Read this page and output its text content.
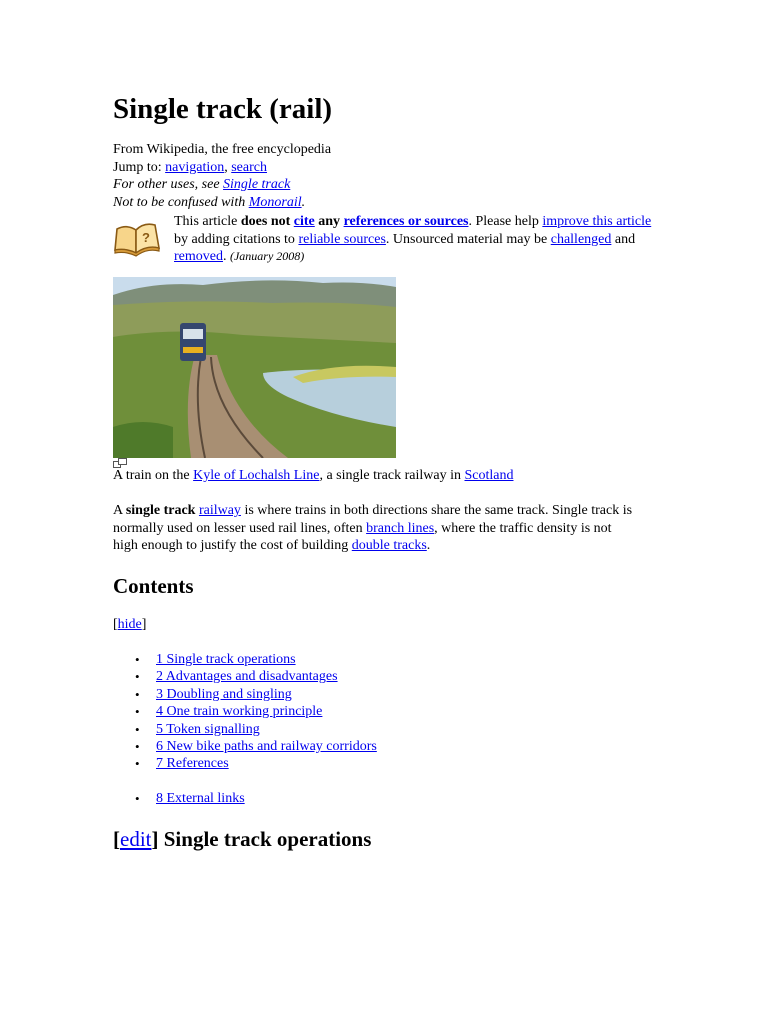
Single track (rail)
From Wikipedia, the free encyclopedia
Jump to: navigation, search
For other uses, see Single track
Not to be confused with Monorail.
?
This article does not cite any references or sources. Please help improve this article by adding citations to reliable sources. Unsourced material may be challenged and removed. (January 2008)
A train on the Kyle of Lochalsh Line, a single track railway in Scotland
A single track railway is where trains in both directions share the same track. Single track is normally used on lesser used rail lines, often branch lines, where the traffic density is not high enough to justify the cost of building double tracks.
Contents
[hide]
• 1 Single track operations
• 2 Advantages and disadvantages
• 3 Doubling and singling
• 4 One train working principle
• 5 Token signalling
• 6 New bike paths and railway corridors
• 7 References
• 8 External links
[edit] Single track operations
